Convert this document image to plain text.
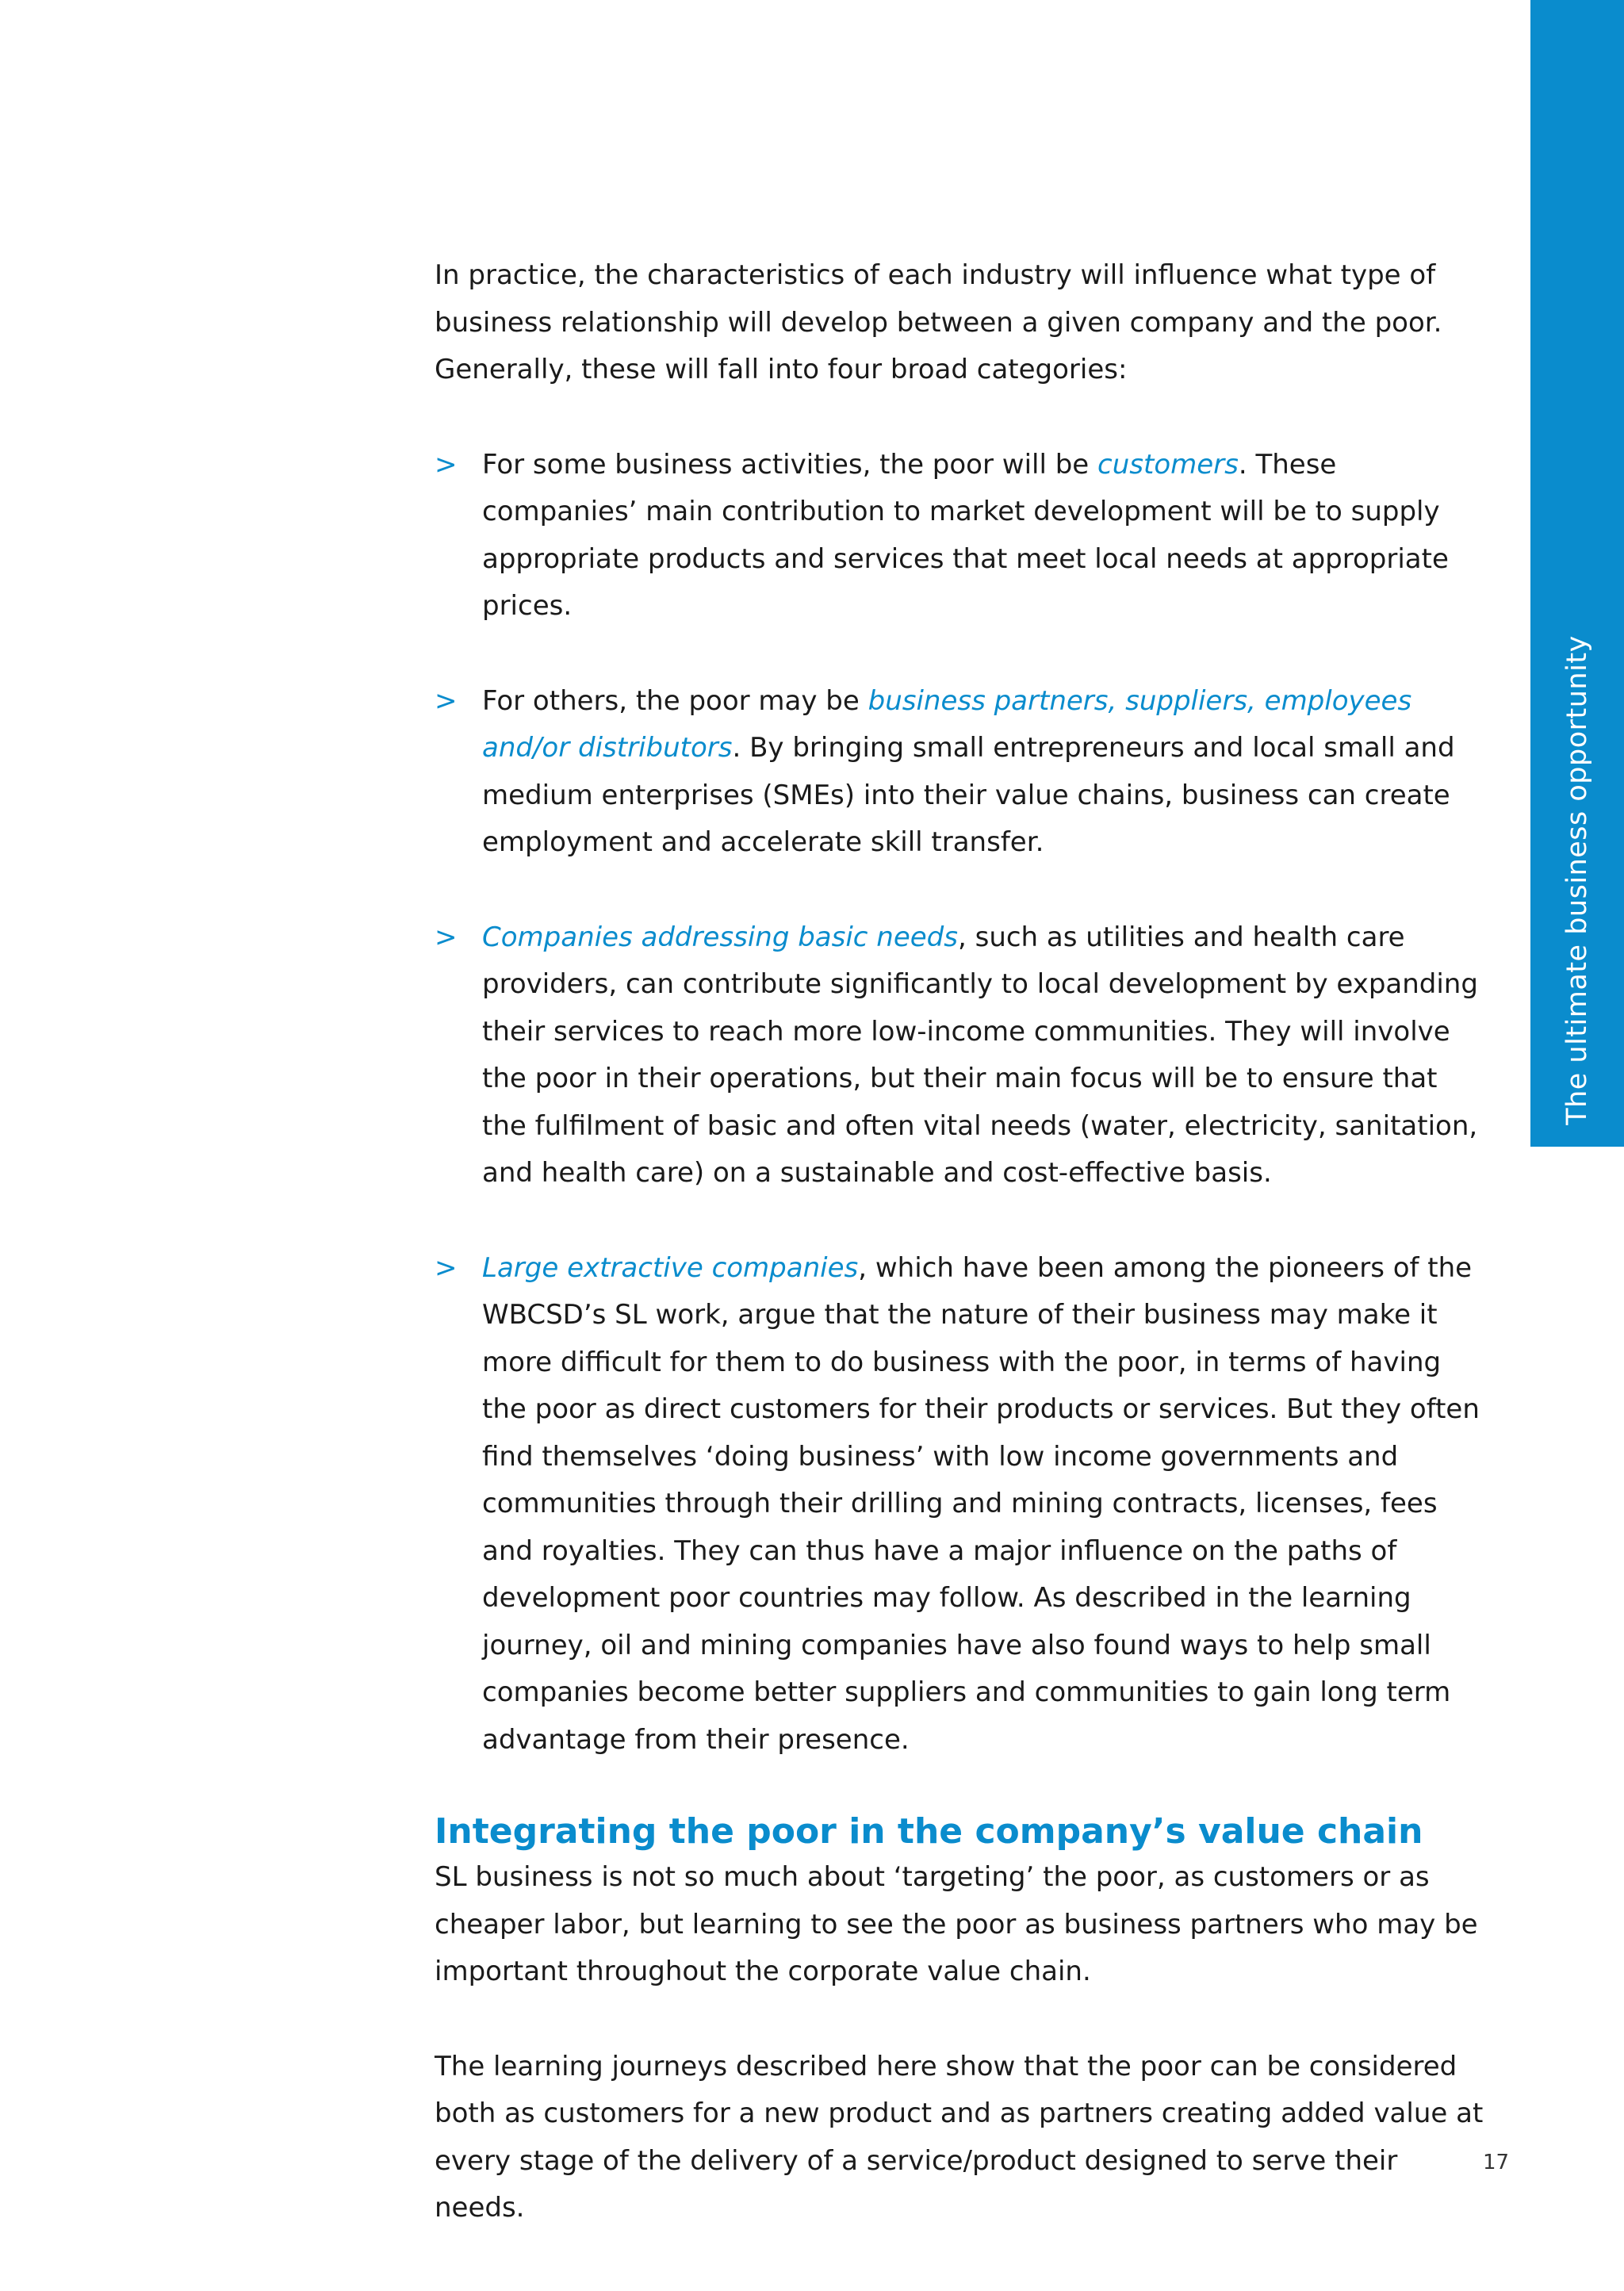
The ultimate business opportunity

In practice, the characteristics of each industry will influence what type of business relationship will develop between a given company and the poor. Generally, these will fall into four broad categories:

> For some business activities, the poor will be customers. These companies’ main contribution to market development will be to supply appropriate products and services that meet local needs at appropriate prices.
> For others, the poor may be business partners, suppliers, employees and/or distributors. By bringing small entrepreneurs and local small and medium enterprises (SMEs) into their value chains, business can create employment and accelerate skill transfer.
> Companies addressing basic needs, such as utilities and health care providers, can contribute significantly to local development by expanding their services to reach more low-income communities. They will involve the poor in their operations, but their main focus will be to ensure that the fulfilment of basic and often vital needs (water, electricity, sanitation, and health care) on a sustainable and cost-effective basis.
> Large extractive companies, which have been among the pioneers of the WBCSD’s SL work, argue that the nature of their business may make it more difficult for them to do business with the poor, in terms of having the poor as direct customers for their products or services. But they often find themselves ‘doing business’ with low income governments and communities through their drilling and mining contracts, licenses, fees and royalties. They can thus have a major influence on the paths of development poor countries may follow. As described in the learning journey, oil and mining companies have also found ways to help small companies become better suppliers and communities to gain long term advantage from their presence.
Integrating the poor in the company’s value chain

SL business is not so much about ‘targeting’ the poor, as customers or as cheaper labor, but learning to see the poor as business partners who may be important throughout the corporate value chain.

The learning journeys described here show that the poor can be considered both as customers for a new product and as partners creating added value at every stage of the delivery of a service/product designed to serve their needs.

17
